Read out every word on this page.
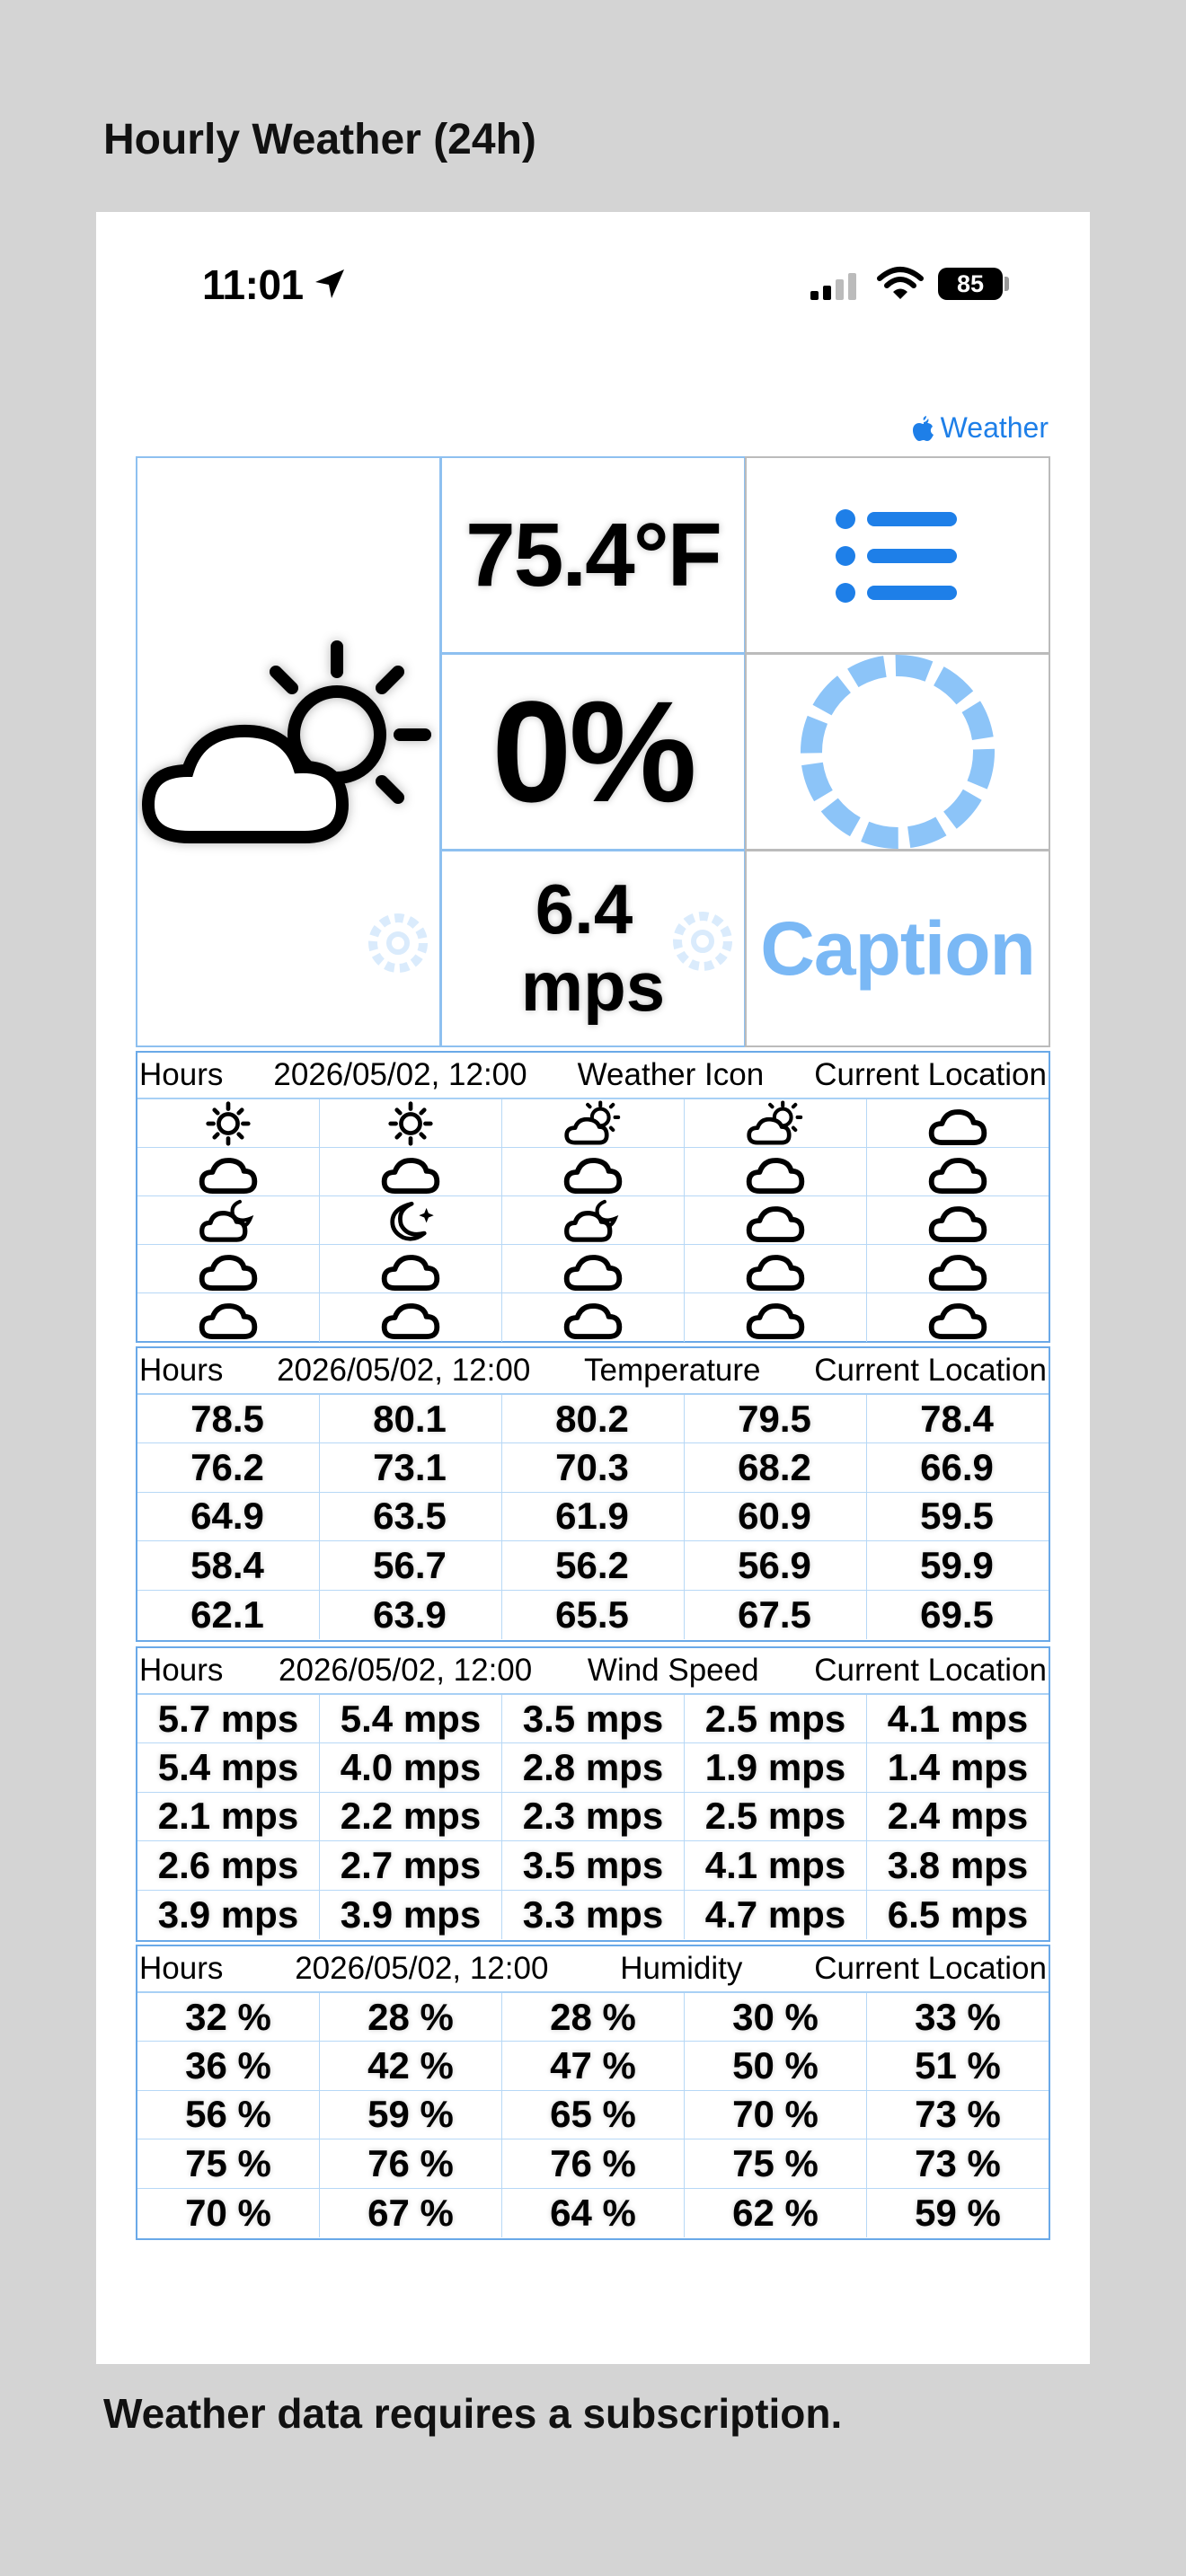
Hourly Weather (24h)
11:01	85
Weather
75.4°F
0%
6.4
mps Caption
Hours 2026/05/02, 12:00 Weather Icon Current Location
Hours 2026/05/02, 12:00 Temperature Current Location
78.5	80.1	80.2	79.5	78.4
76.2	73.1	70.3	68.2	66.9
64.9	63.5	61.9	60.9	59.5
58.4	56.7	56.2	56.9	59.9
62.1	63.9	65.5	67.5	69.5
Hours 2026/05/02, 12:00 Wind Speed Current Location
5.7 mps 5.4 mps 3.5 mps 2.5 mps 4.1 mps
5.4 mps 4.0 mps 2.8 mps 1.9 mps 1.4 mps
2.1 mps 2.2 mps 2.3 mps 2.5 mps 2.4 mps
2.6 mps 2.7 mps 3.5 mps 4.1 mps 3.8 mps
3.9 mps 3.9 mps 3.3 mps 4.7 mps 6.5 mps
Hours 2026/05/02, 12:00 Humidity Current Location
32 %	28 %	28 %	30 %	33 %
36 %	42 %	47 %	50 %	51 %
56 %	59 %	65 %	70 %	73 %
75 %	76 %	76 %	75 %	73 %
70 %	67 %	64 %	62 %	59 %
Weather data requires a subscription.
